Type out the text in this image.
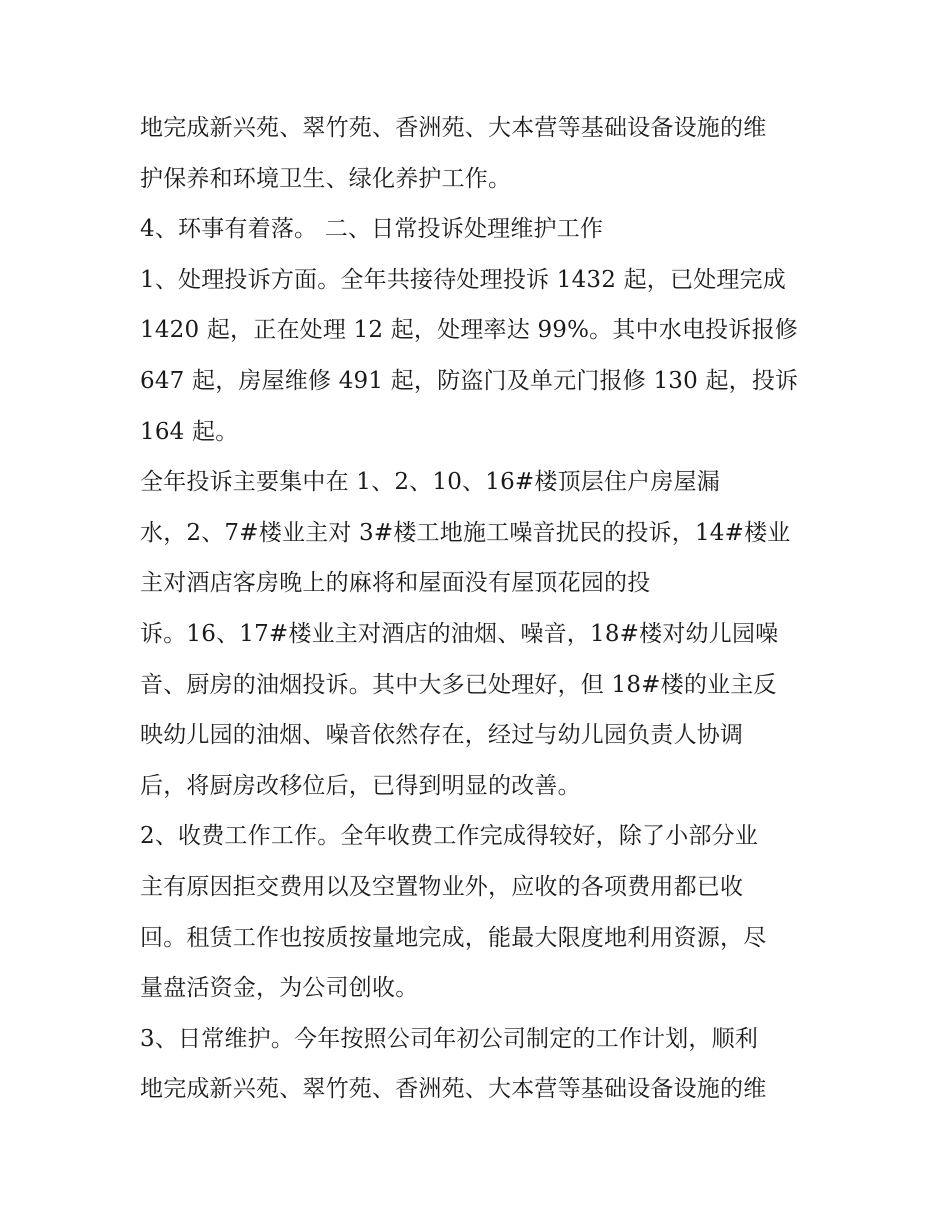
地完成新兴苑、翠竹苑、香洲苑、大本营等基础设备设施的维
护保养和环境卫生、绿化养护工作。
4、环事有着落。 二、日常投诉处理维护工作
1、处理投诉方面。全年共接待处理投诉 1432 起，已处理完成
1420 起，正在处理 12 起，处理率达 99%。其中水电投诉报修
647 起，房屋维修 491 起，防盗门及单元门报修 130 起，投诉
164 起。
全年投诉主要集中在 1、2、10、16#楼顶层住户房屋漏
水，2、7#楼业主对 3#楼工地施工噪音扰民的投诉，14#楼业
主对酒店客房晚上的麻将和屋面没有屋顶花园的投
诉。16、17#楼业主对酒店的油烟、噪音，18#楼对幼儿园噪
音、厨房的油烟投诉。其中大多已处理好，但 18#楼的业主反
映幼儿园的油烟、噪音依然存在，经过与幼儿园负责人协调
后，将厨房改移位后，已得到明显的改善。
2、收费工作工作。全年收费工作完成得较好，除了小部分业
主有原因拒交费用以及空置物业外，应收的各项费用都已收
回。租赁工作也按质按量地完成，能最大限度地利用资源，尽
量盘活资金，为公司创收。
3、日常维护。今年按照公司年初公司制定的工作计划，顺利
地完成新兴苑、翠竹苑、香洲苑、大本营等基础设备设施的维
